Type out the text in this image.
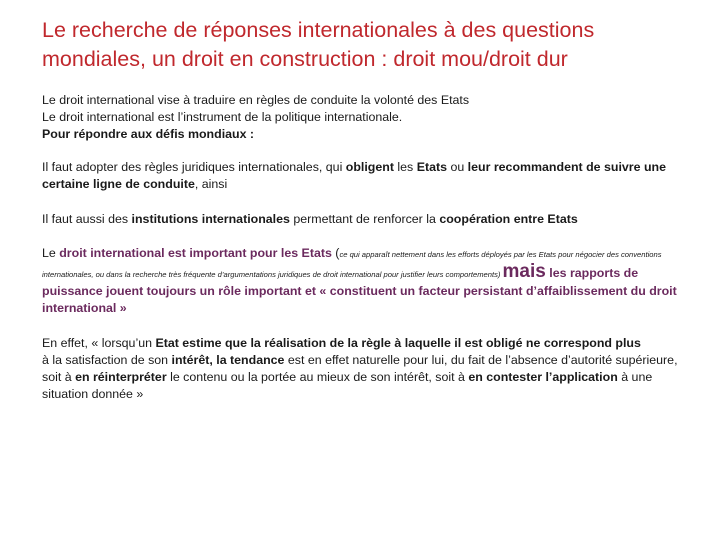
Le recherche de réponses internationales à des questions mondiales, un droit en construction : droit mou/droit dur

Le droit international vise à traduire en règles de conduite la volonté des Etats
Le droit international est l’instrument de la politique internationale.
Pour répondre aux défis mondiaux :

Il faut adopter des règles juridiques internationales, qui obligent les Etats ou leur recommandent de suivre une certaine ligne de conduite, ainsi

Il faut aussi des institutions internationales permettant de renforcer la coopération entre Etats

Le droit international est important pour les Etats (ce qui apparaît nettement dans les efforts déployés par les Etats pour négocier des conventions internationales, ou dans la recherche très fréquente d’argumentations juridiques de droit international pour justifier leurs comportements) mais les rapports de puissance jouent toujours un rôle important et « constituent un facteur persistant d’affaiblissement du droit international »

En effet, « lorsqu’un Etat estime que la réalisation de la règle à laquelle il est obligé ne correspond plus
à la satisfaction de son intérêt, la tendance est en effet naturelle pour lui, du fait de l’absence d’autorité supérieure, soit à en réinterpréter le contenu ou la portée au mieux de son intérêt, soit à en contester l’application à une situation donnée »
